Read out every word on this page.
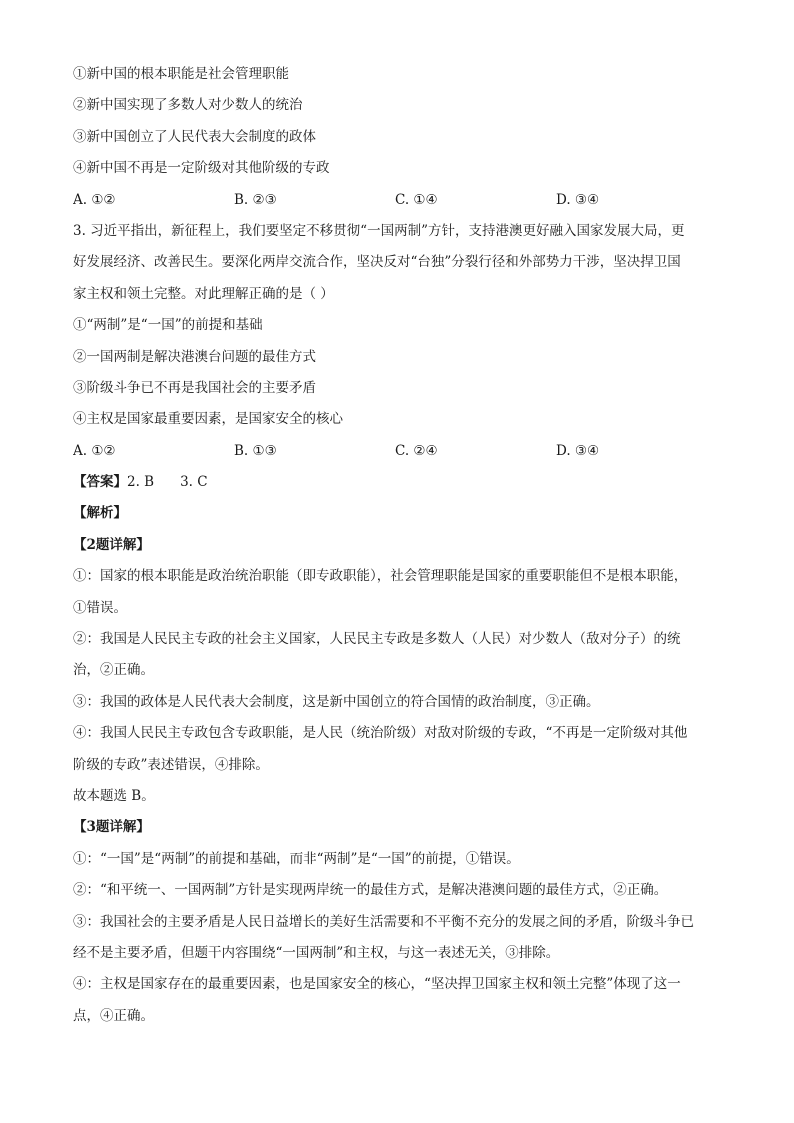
①新中国的根本职能是社会管理职能
②新中国实现了多数人对少数人的统治
③新中国创立了人民代表大会制度的政体
④新中国不再是一定阶级对其他阶级的专政
A. ①②	B. ②③	C. ①④	D. ③④
3. 习近平指出，新征程上，我们要坚定不移贯彻“一国两制”方针，支持港澳更好融入国家发展大局，更
好发展经济、改善民生。要深化两岸交流合作，坚决反对“台独”分裂行径和外部势力干涉，坚决捍卫国
家主权和领土完整。对此理解正确的是（ ）
①“两制”是“一国”的前提和基础
②一国两制是解决港澳台问题的最佳方式
③阶级斗争已不再是我国社会的主要矛盾
④主权是国家最重要因素，是国家安全的核心
A. ①②	B. ①③	C. ②④	D. ③④
【答案】2. B 3. C
【解析】
【2题详解】
①：国家的根本职能是政治统治职能（即专政职能），社会管理职能是国家的重要职能但不是根本职能，
①错误。
②：我国是人民民主专政的社会主义国家，人民民主专政是多数人（人民）对少数人（敌对分子）的统
治，②正确。
③：我国的政体是人民代表大会制度，这是新中国创立的符合国情的政治制度，③正确。
④：我国人民民主专政包含专政职能，是人民（统治阶级）对敌对阶级的专政，“不再是一定阶级对其他
阶级的专政”表述错误，④排除。
故本题选 B。
【3题详解】
①：“一国”是“两制”的前提和基础，而非“两制”是“一国”的前提，①错误。
②：“和平统一、一国两制”方针是实现两岸统一的最佳方式，是解决港澳问题的最佳方式，②正确。
③：我国社会的主要矛盾是人民日益增长的美好生活需要和不平衡不充分的发展之间的矛盾，阶级斗争已
经不是主要矛盾，但题干内容围绕“一国两制”和主权，与这一表述无关，③排除。
④：主权是国家存在的最重要因素，也是国家安全的核心，“坚决捍卫国家主权和领土完整”体现了这一
点，④正确。
